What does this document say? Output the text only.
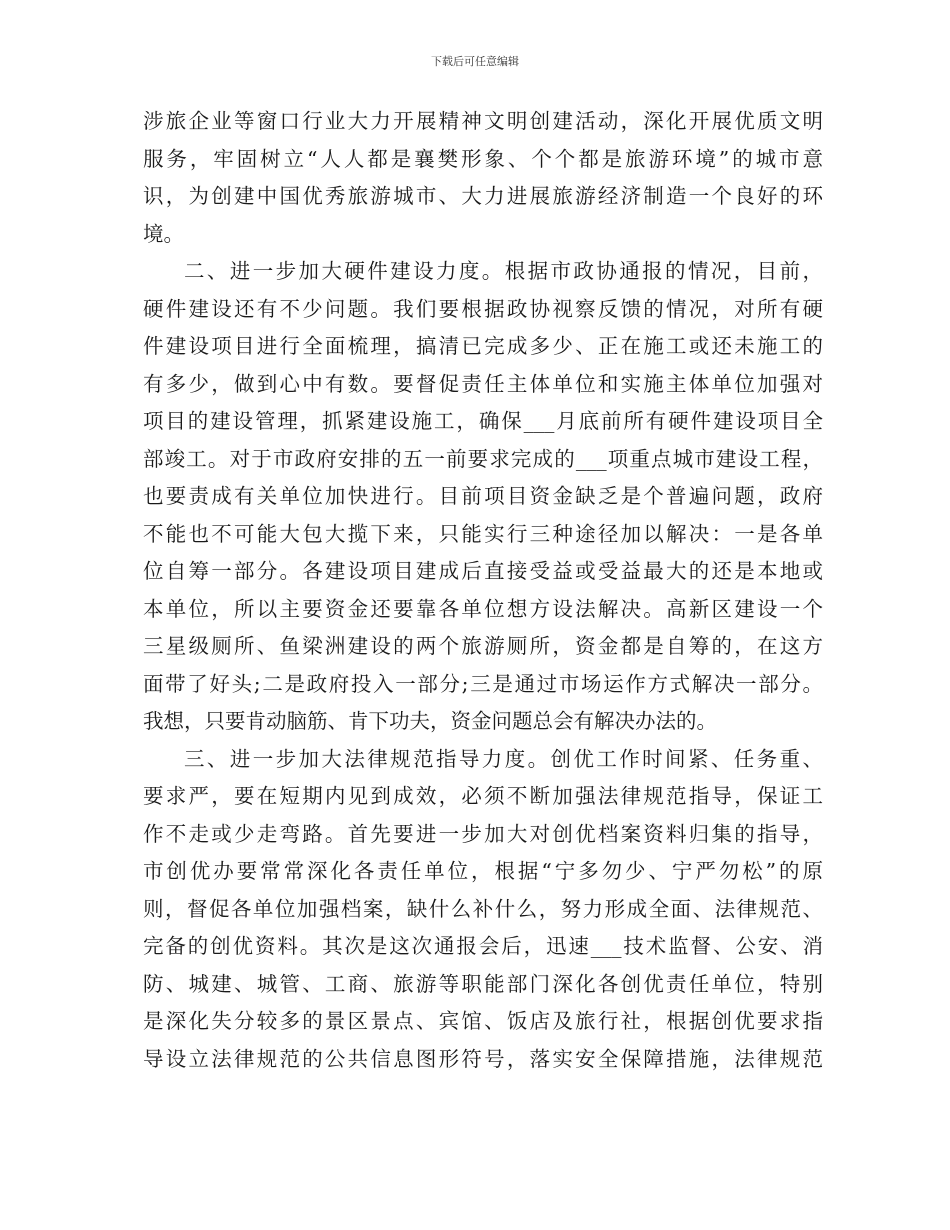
下载后可任意编辑
涉旅企业等窗口行业大力开展精神文明创建活动，深化开展优质文明
服务，牢固树立“人人都是襄樊形象、个个都是旅游环境”的城市意
识，为创建中国优秀旅游城市、大力进展旅游经济制造一个良好的环
境。
二、进一步加大硬件建设力度。根据市政协通报的情况，目前，
硬件建设还有不少问题。我们要根据政协视察反馈的情况，对所有硬
件建设项目进行全面梳理，搞清已完成多少、正在施工或还未施工的
有多少，做到心中有数。要督促责任主体单位和实施主体单位加强对
项目的建设管理，抓紧建设施工，确保___月底前所有硬件建设项目全
部竣工。对于市政府安排的五一前要求完成的___项重点城市建设工程，
也要责成有关单位加快进行。目前项目资金缺乏是个普遍问题，政府
不能也不可能大包大揽下来，只能实行三种途径加以解决：一是各单
位自筹一部分。各建设项目建成后直接受益或受益最大的还是本地或
本单位，所以主要资金还要靠各单位想方设法解决。高新区建设一个
三星级厕所、鱼梁洲建设的两个旅游厕所，资金都是自筹的，在这方
面带了好头;二是政府投入一部分;三是通过市场运作方式解决一部分。
我想，只要肯动脑筋、肯下功夫，资金问题总会有解决办法的。
三、进一步加大法律规范指导力度。创优工作时间紧、任务重、
要求严，要在短期内见到成效，必须不断加强法律规范指导，保证工
作不走或少走弯路。首先要进一步加大对创优档案资料归集的指导，
市创优办要常常深化各责任单位，根据“宁多勿少、宁严勿松”的原
则，督促各单位加强档案，缺什么补什么，努力形成全面、法律规范、
完备的创优资料。其次是这次通报会后，迅速___技术监督、公安、消
防、城建、城管、工商、旅游等职能部门深化各创优责任单位，特别
是深化失分较多的景区景点、宾馆、饭店及旅行社，根据创优要求指
导设立法律规范的公共信息图形符号，落实安全保障措施，法律规范
